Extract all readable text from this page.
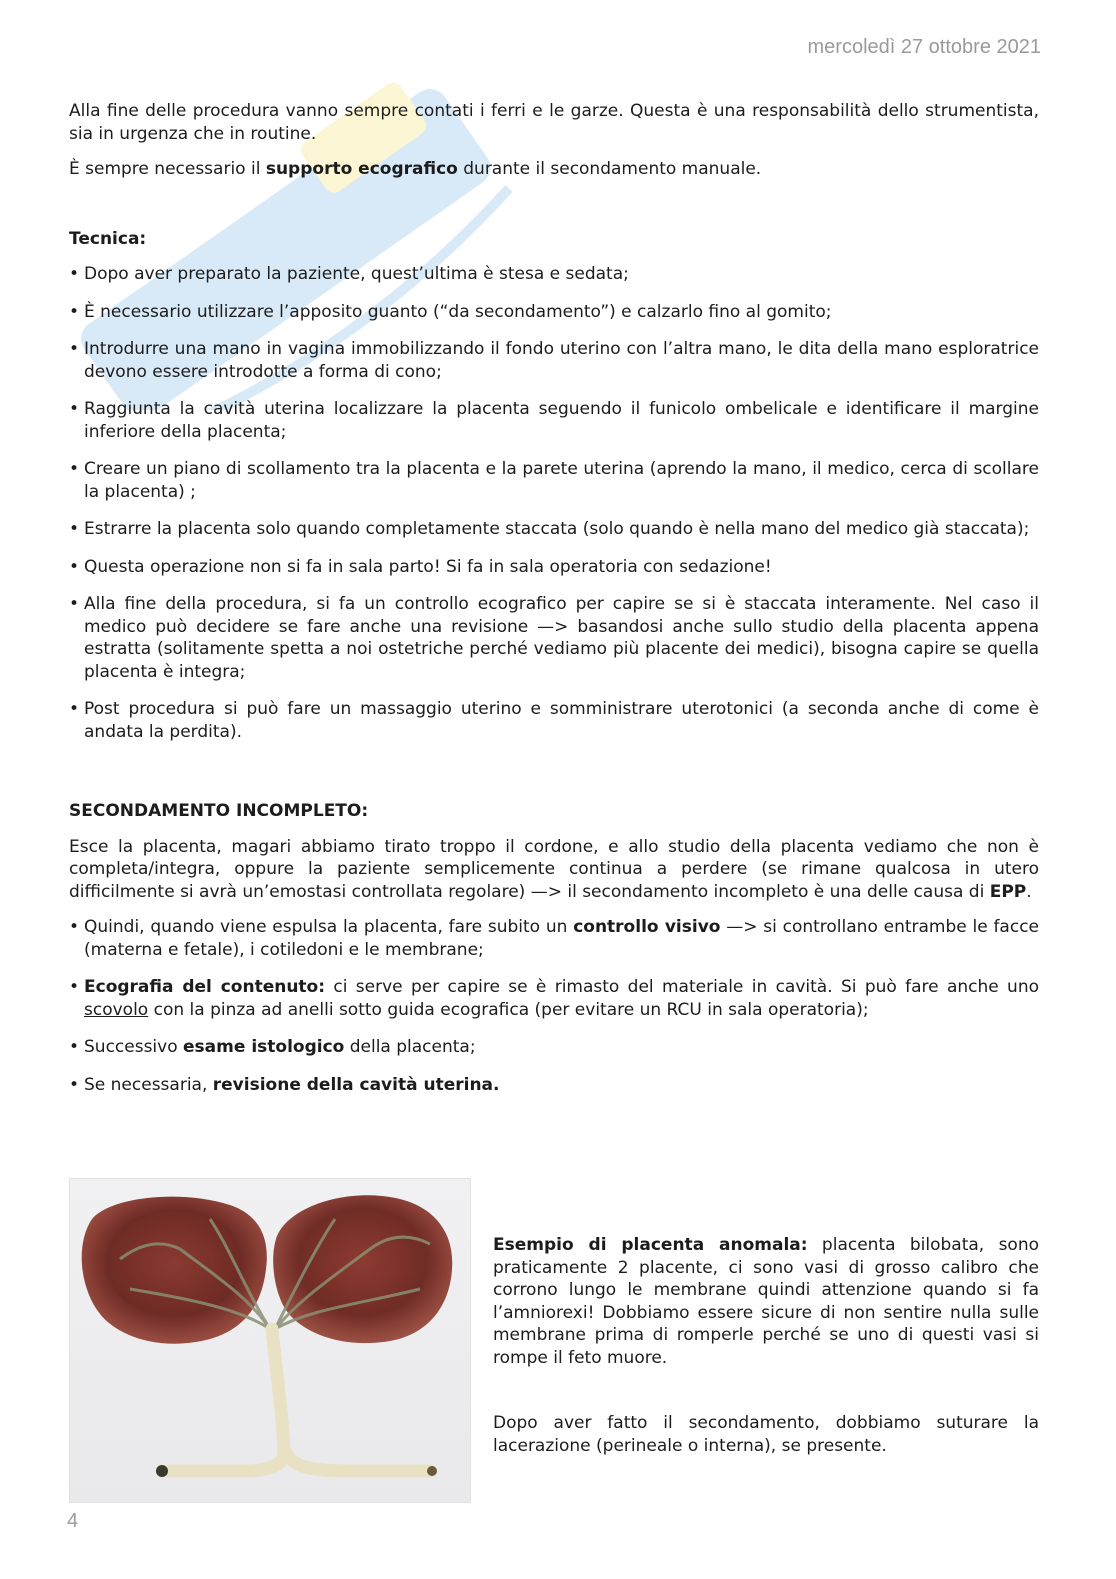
mercoledì 27 ottobre 2021

Alla fine delle procedura vanno sempre contati i ferri e le garze. Questa è una responsabilità dello strumentista, sia in urgenza che in routine.

È sempre necessario il supporto ecografico durante il secondamento manuale.

Tecnica:
• Dopo aver preparato la paziente, quest’ultima è stesa e sedata;
• È necessario utilizzare l’apposito guanto (“da secondamento”) e calzarlo fino al gomito;
• Introdurre una mano in vagina immobilizzando il fondo uterino con l’altra mano, le dita della mano esploratrice devono essere introdotte a forma di cono;
• Raggiunta la cavità uterina localizzare la placenta seguendo il funicolo ombelicale e identificare il margine inferiore della placenta;
• Creare un piano di scollamento tra la placenta e la parete uterina (aprendo la mano, il medico, cerca di scollare la placenta) ;
• Estrarre la placenta solo quando completamente staccata (solo quando è nella mano del medico già staccata);
• Questa operazione non si fa in sala parto! Si fa in sala operatoria con sedazione!
• Alla fine della procedura, si fa un controllo ecografico per capire se si è staccata interamente. Nel caso il medico può decidere se fare anche una revisione —> basandosi anche sullo studio della placenta appena estratta (solitamente spetta a noi ostetriche perché vediamo più placente dei medici), bisogna capire se quella placenta è integra;
• Post procedura si può fare un massaggio uterino e somministrare uterotonici (a seconda anche di come è andata la perdita).
SECONDAMENTO INCOMPLETO:

Esce la placenta, magari abbiamo tirato troppo il cordone, e allo studio della placenta vediamo che non è completa/integra, oppure la paziente semplicemente continua a perdere (se rimane qualcosa in utero difficilmente si avrà un’emostasi controllata regolare) —> il secondamento incompleto è una delle causa di EPP.

• Quindi, quando viene espulsa la placenta, fare subito un controllo visivo —> si controllano entrambe le facce (materna e fetale), i cotiledoni e le membrane;
• Ecografia del contenuto: ci serve per capire se è rimasto del materiale in cavità. Si può fare anche uno scovolo con la pinza ad anelli sotto guida ecografica (per evitare un RCU in sala operatoria);
• Successivo esame istologico della placenta;
• Se necessaria, revisione della cavità uterina.

Esempio di placenta anomala: placenta bilobata, sono praticamente 2 placente, ci sono vasi di grosso calibro che corrono lungo le membrane quindi attenzione quando si fa l’amniorexi! Dobbiamo essere sicure di non sentire nulla sulle membrane prima di romperle perché se uno di questi vasi si rompe il feto muore.

Dopo aver fatto il secondamento, dobbiamo suturare la lacerazione (perineale o interna), se presente.

4
